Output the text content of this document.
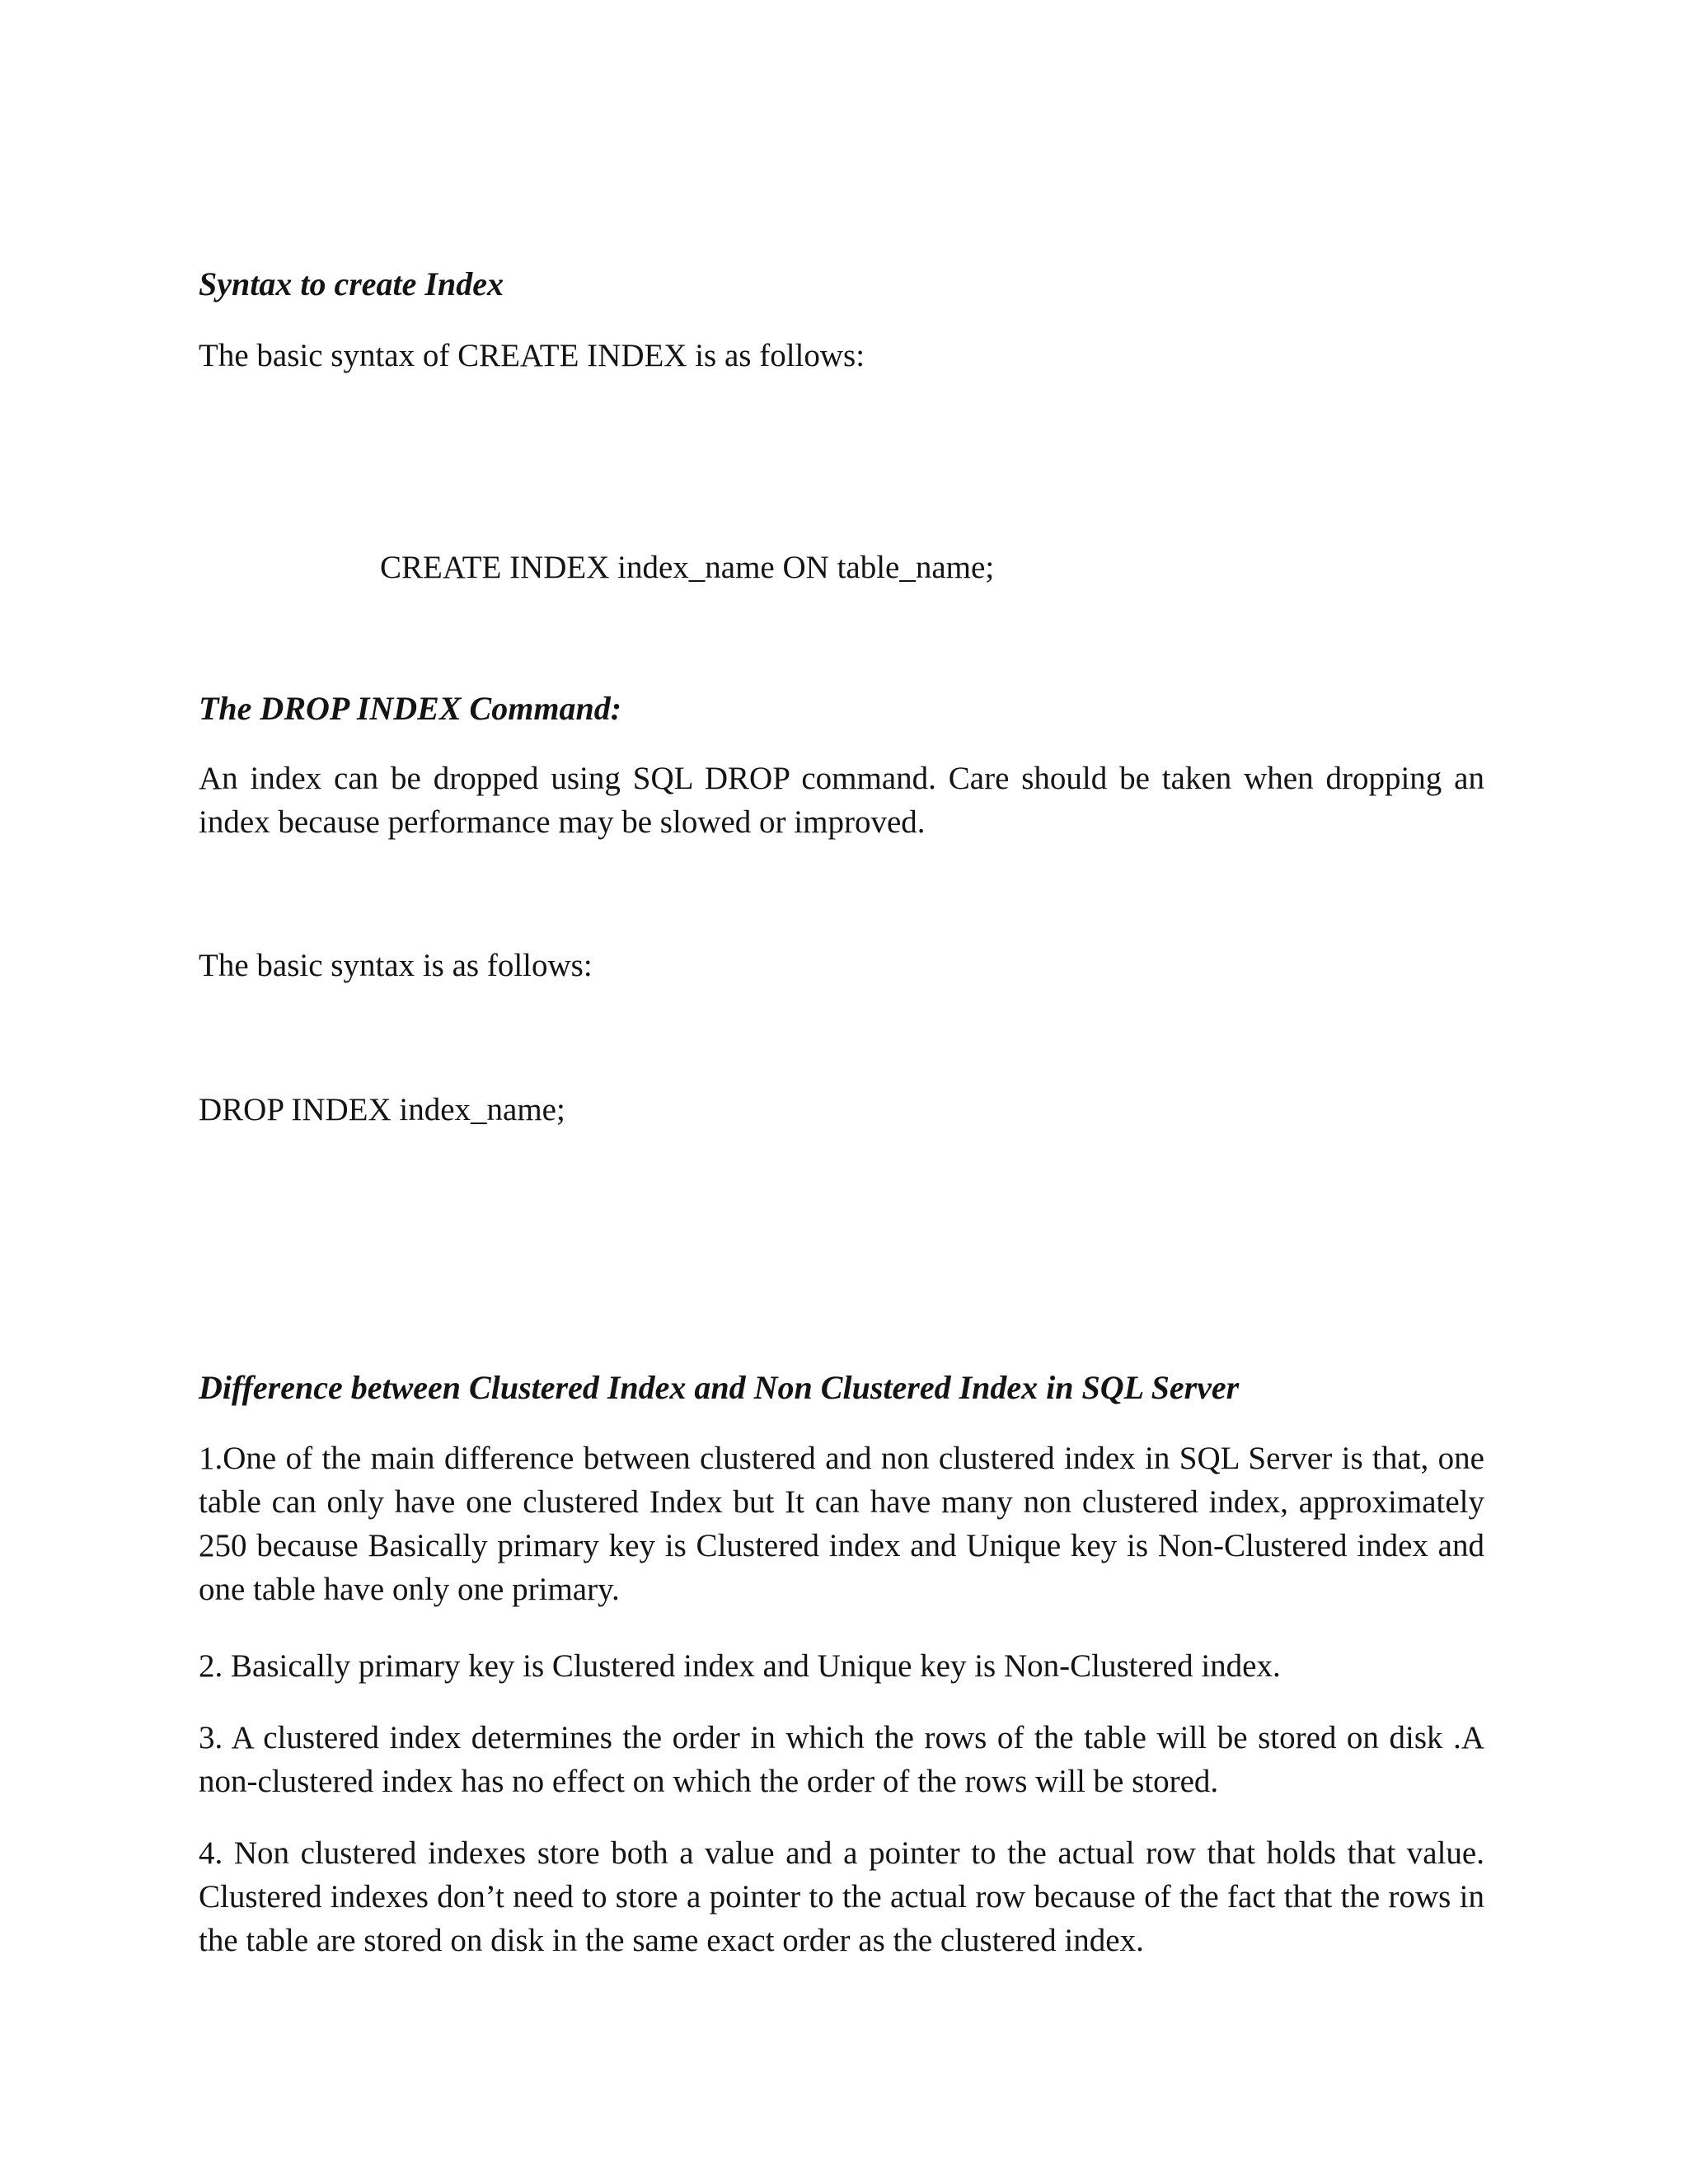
Syntax to create Index
The basic syntax of CREATE INDEX is as follows:
CREATE INDEX index_name ON table_name;
The DROP INDEX Command:
An index can be dropped using SQL DROP command. Care should be taken when dropping an index because performance may be slowed or improved.
The basic syntax is as follows:
DROP INDEX index_name;
Difference between Clustered Index and Non Clustered Index in SQL Server
1.One of the main difference between clustered and non clustered index in SQL Server is that, one table can only have one clustered Index but It can have many non clustered index, approximately 250 because Basically primary key is Clustered index and Unique key is Non-Clustered index and one table have only one primary.
2. Basically primary key is Clustered index and Unique key is Non-Clustered index.
3. A clustered index determines the order in which the rows of the table will be stored on disk .A non-clustered index has no effect on which the order of the rows will be stored.
4. Non clustered indexes store both a value and a pointer to the actual row that holds that value. Clustered indexes don’t need to store a pointer to the actual row because of the fact that the rows in the table are stored on disk in the same exact order as the clustered index.
